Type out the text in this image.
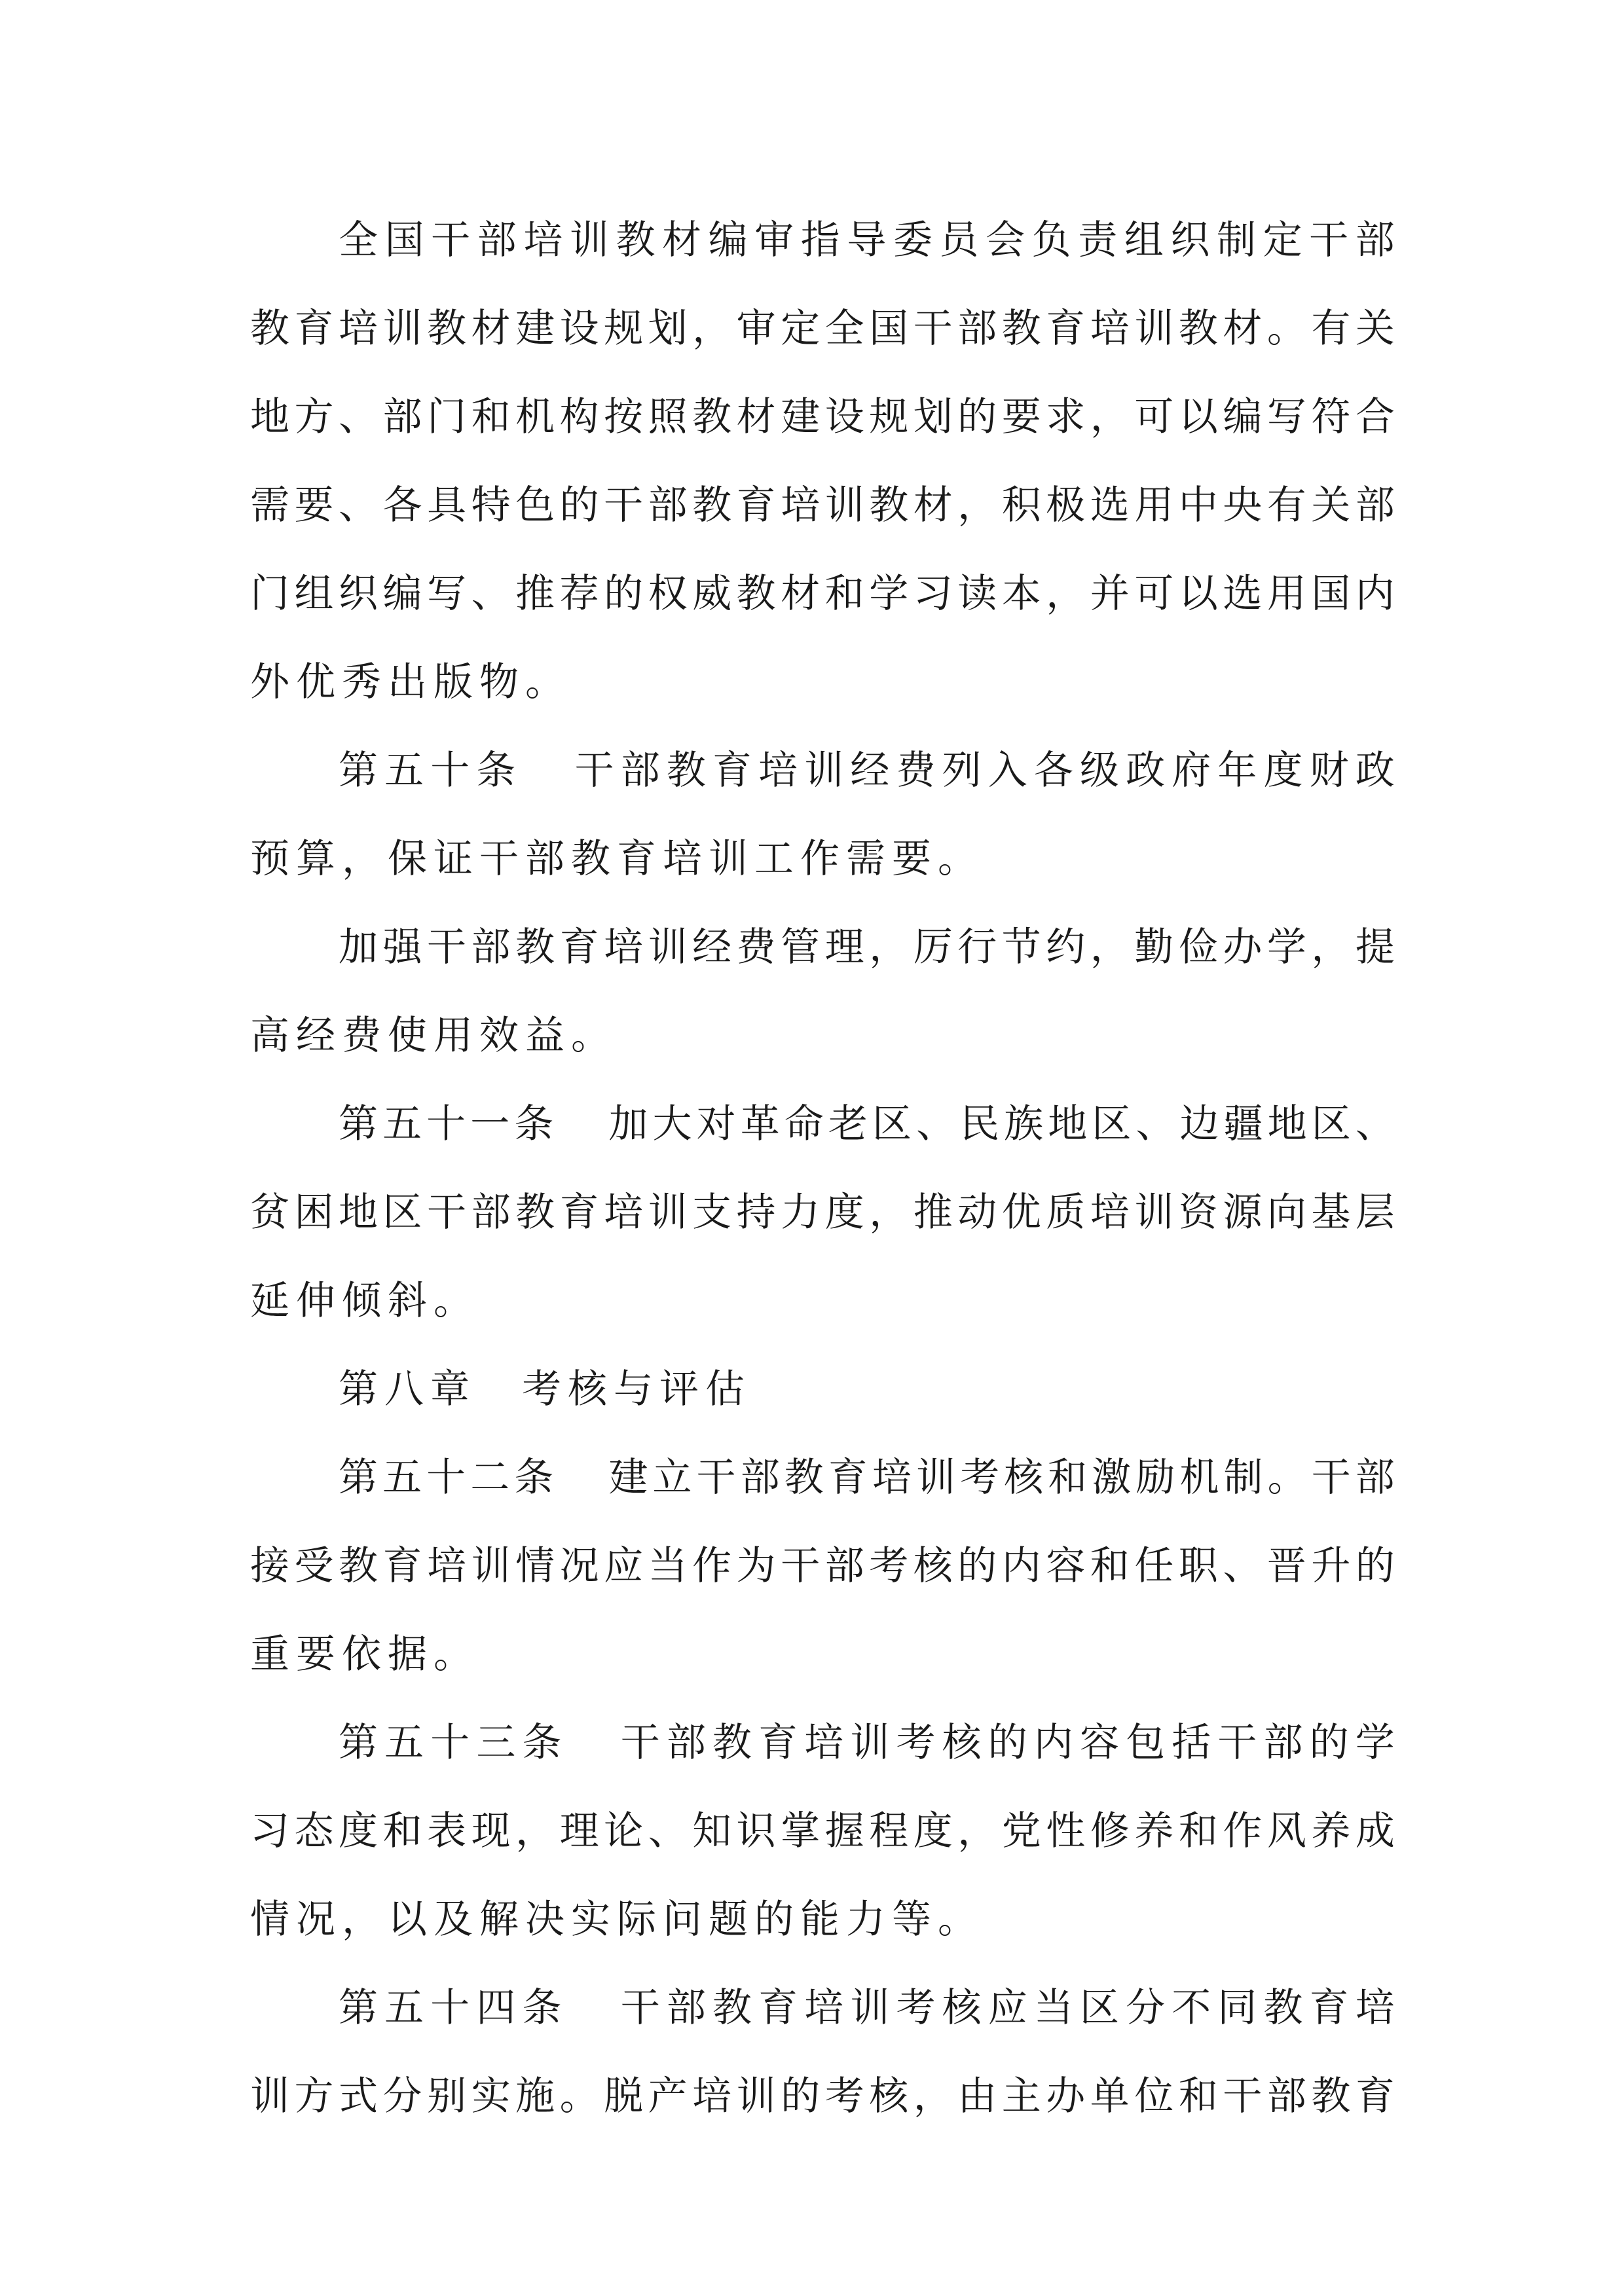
全 国 干 部 培 训 教 材 编 审 指 导 委 员 会 负 责 组 织 制 定 干 部
教 育 培 训 教 材 建 设 规 划 ， 审 定 全 国 干 部 教 育 培 训 教 材 。 有 关
地 方 、 部 门 和 机 构 按 照 教 材 建 设 规 划 的 要 求 ， 可 以 编 写 符 合
需 要 、 各 具 特 色 的 干 部 教 育 培 训 教 材 ， 积 极 选 用 中 央 有 关 部
门 组 织 编 写 、 推 荐 的 权 威 教 材 和 学 习 读 本 ， 并 可 以 选 用 国 内
外优秀出版物。
第 五 十 条 干 部 教 育 培 训 经 费 列 入 各 级 政 府 年 度 财 政
预算，保证干部教育培训工作需要。
加 强 干 部 教 育 培 训 经 费 管 理 ， 厉 行 节 约 ， 勤 俭 办 学 ， 提
高经费使用效益。
第 五 十 一 条 加 大 对 革 命 老 区 、 民 族 地 区 、 边 疆 地 区 、
贫 困 地 区 干 部 教 育 培 训 支 持 力 度 ， 推 动 优 质 培 训 资 源 向 基 层
延伸倾斜。
第 八 章 考 核 与 评 估
第 五 十 二 条 建 立 干 部 教 育 培 训 考 核 和 激 励 机 制 。 干 部
接 受 教 育 培 训 情 况 应 当 作 为 干 部 考 核 的 内 容 和 任 职 、 晋 升 的
重要依据。
第 五 十 三 条 干 部 教 育 培 训 考 核 的 内 容 包 括 干 部 的 学
习 态 度 和 表 现 ， 理 论 、 知 识 掌 握 程 度 ， 党 性 修 养 和 作 风 养 成
情况，以及解决实际问题的能力等。
第 五 十 四 条 干 部 教 育 培 训 考 核 应 当 区 分 不 同 教 育 培
训 方 式 分 别 实 施 。 脱 产 培 训 的 考 核 ， 由 主 办 单 位 和 干 部 教 育
